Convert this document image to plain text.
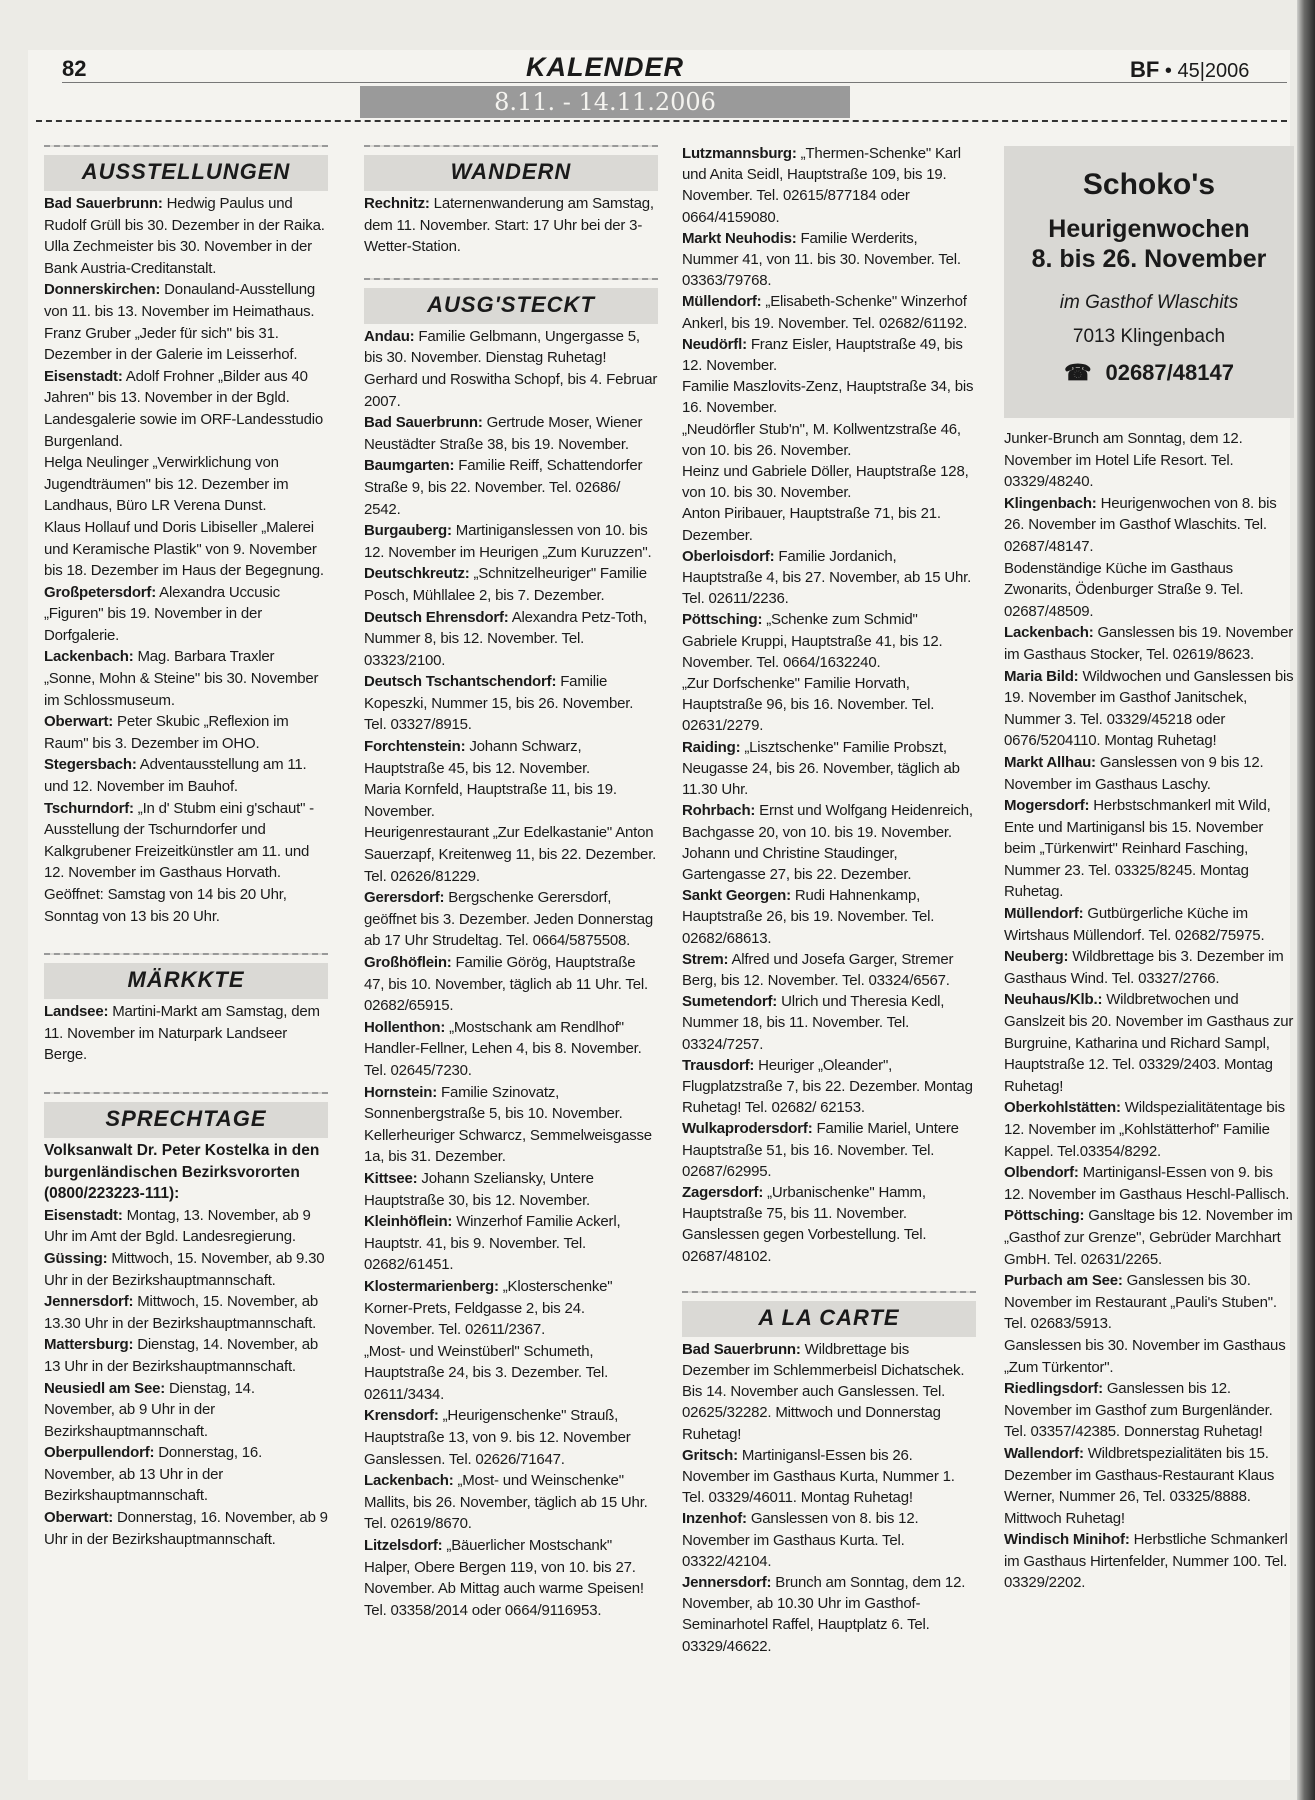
82	KALENDER
8.11. - 14.11.2006
BF • 45|2006
AUSSTELLUNGEN

Bad Sauerbrunn: Hedwig Paulus und Rudolf Grüll bis 30. Dezember in der Raika.

Ulla Zechmeister bis 30. November in der Bank Austria-Creditanstalt.

Donnerskirchen: Donauland-Ausstellung von 11. bis 13. November im Heimathaus.

Franz Gruber „Jeder für sich" bis 31. Dezember in der Galerie im Leisserhof.

Eisenstadt: Adolf Frohner „Bilder aus 40 Jahren" bis 13. November in der Bgld. Landesgalerie sowie im ORF-Landesstudio Burgenland.

Helga Neulinger „Verwirklichung von Jugendträumen" bis 12. Dezember im Landhaus, Büro LR Verena Dunst.

Klaus Hollauf und Doris Libiseller „Malerei und Keramische Plastik" von 9. November bis 18. Dezember im Haus der Begegnung.

Großpetersdorf: Alexandra Uccusic „Figuren" bis 19. November in der Dorfgalerie.

Lackenbach: Mag. Barbara Traxler „Sonne, Mohn & Steine" bis 30. November im Schlossmuseum.

Oberwart: Peter Skubic „Reflexion im Raum" bis 3. Dezember im OHO.

Stegersbach: Adventausstellung am 11. und 12. November im Bauhof.

Tschurndorf: „In d' Stubm eini g'schaut" - Ausstellung der Tschurndorfer und Kalkgrubener Freizeitkünstler am 11. und 12. November im Gasthaus Horvath. Geöffnet: Samstag von 14 bis 20 Uhr, Sonntag von 13 bis 20 Uhr.

MÄRKKTE

Landsee: Martini-Markt am Samstag, dem 11. November im Naturpark Landseer Berge.

SPRECHTAGE

Volksanwalt Dr. Peter Kostelka in den burgenländischen Bezirksvororten (0800/223223-111):

Eisenstadt: Montag, 13. November, ab 9 Uhr im Amt der Bgld. Landesregierung.

Güssing: Mittwoch, 15. November, ab 9.30 Uhr in der Bezirkshauptmannschaft.

Jennersdorf: Mittwoch, 15. November, ab 13.30 Uhr in der Bezirkshauptmannschaft.

Mattersburg: Dienstag, 14. November, ab 13 Uhr in der Bezirkshauptmannschaft.

Neusiedl am See: Dienstag, 14. November, ab 9 Uhr in der Bezirkshauptmannschaft.

Oberpullendorf: Donnerstag, 16. November, ab 13 Uhr in der Bezirkshauptmannschaft.

Oberwart: Donnerstag, 16. November, ab 9 Uhr in der Bezirkshauptmannschaft.

WANDERN

Rechnitz: Laternenwanderung am Samstag, dem 11. November. Start: 17 Uhr bei der 3-Wetter-Station.

AUSG'STECKT

Andau: Familie Gelbmann, Ungergasse 5, bis 30. November. Dienstag Ruhetag!

Gerhard und Roswitha Schopf, bis 4. Februar 2007.

Bad Sauerbrunn: Gertrude Moser, Wiener Neustädter Straße 38, bis 19. November.

Baumgarten: Familie Reiff, Schattendorfer Straße 9, bis 22. November. Tel. 02686/ 2542.

Burgauberg: Martiniganslessen von 10. bis 12. November im Heurigen „Zum Kuruzzen".

Deutschkreutz: „Schnitzelheuriger" Familie Posch, Mühllalee 2, bis 7. Dezember.

Deutsch Ehrensdorf: Alexandra Petz-Toth, Nummer 8, bis 12. November. Tel. 03323/2100.

Deutsch Tschantschendorf: Familie Kopeszki, Nummer 15, bis 26. November. Tel. 03327/8915.

Forchtenstein: Johann Schwarz, Hauptstraße 45, bis 12. November.

Maria Kornfeld, Hauptstraße 11, bis 19. November.

Heurigenrestaurant „Zur Edelkastanie" Anton Sauerzapf, Kreitenweg 11, bis 22. Dezember. Tel. 02626/81229.

Gerersdorf: Bergschenke Gerersdorf, geöffnet bis 3. Dezember. Jeden Donnerstag ab 17 Uhr Strudeltag. Tel. 0664/5875508.

Großhöflein: Familie Görög, Hauptstraße 47, bis 10. November, täglich ab 11 Uhr. Tel. 02682/65915.

Hollenthon: „Mostschank am Rendlhof" Handler-Fellner, Lehen 4, bis 8. November. Tel. 02645/7230.

Hornstein: Familie Szinovatz, Sonnenbergstraße 5, bis 10. November.

Kellerheuriger Schwarcz, Semmelweisgasse 1a, bis 31. Dezember.

Kittsee: Johann Szeliansky, Untere Hauptstraße 30, bis 12. November.

Kleinhöflein: Winzerhof Familie Ackerl, Hauptstr. 41, bis 9. November. Tel. 02682/61451.

Klostermarienberg: „Klosterschenke" Korner-Prets, Feldgasse 2, bis 24. November. Tel. 02611/2367.

„Most- und Weinstüberl" Schumeth, Hauptstraße 24, bis 3. Dezember. Tel. 02611/3434.

Krensdorf: „Heurigenschenke" Strauß, Hauptstraße 13, von 9. bis 12. November Ganslessen. Tel. 02626/71647.

Lackenbach: „Most- und Weinschenke" Mallits, bis 26. November, täglich ab 15 Uhr. Tel. 02619/8670.

Litzelsdorf: „Bäuerlicher Mostschank" Halper, Obere Bergen 119, von 10. bis 27. November. Ab Mittag auch warme Speisen! Tel. 03358/2014 oder 0664/9116953.

Lutzmannsburg: „Thermen-Schenke" Karl und Anita Seidl, Hauptstraße 109, bis 19. November. Tel. 02615/877184 oder 0664/4159080.

Markt Neuhodis: Familie Werderits, Nummer 41, von 11. bis 30. November. Tel. 03363/79768.

Müllendorf: „Elisabeth-Schenke" Winzerhof Ankerl, bis 19. November. Tel. 02682/61192.

Neudörfl: Franz Eisler, Hauptstraße 49, bis 12. November.

Familie Maszlovits-Zenz, Hauptstraße 34, bis 16. November.

„Neudörfler Stub'n", M. Kollwentzstraße 46, von 10. bis 26. November.

Heinz und Gabriele Döller, Hauptstraße 128, von 10. bis 30. November.

Anton Piribauer, Hauptstraße 71, bis 21. Dezember.

Oberloisdorf: Familie Jordanich, Hauptstraße 4, bis 27. November, ab 15 Uhr. Tel. 02611/2236.

Pöttsching: „Schenke zum Schmid" Gabriele Kruppi, Hauptstraße 41, bis 12. November. Tel. 0664/1632240.

„Zur Dorfschenke" Familie Horvath, Hauptstraße 96, bis 16. November. Tel. 02631/2279.

Raiding: „Lisztschenke" Familie Probszt, Neugasse 24, bis 26. November, täglich ab 11.30 Uhr.

Rohrbach: Ernst und Wolfgang Heidenreich, Bachgasse 20, von 10. bis 19. November.

Johann und Christine Staudinger, Gartengasse 27, bis 22. Dezember.

Sankt Georgen: Rudi Hahnenkamp, Hauptstraße 26, bis 19. November. Tel. 02682/68613.

Strem: Alfred und Josefa Garger, Stremer Berg, bis 12. November. Tel. 03324/6567.

Sumetendorf: Ulrich und Theresia Kedl, Nummer 18, bis 11. November. Tel. 03324/7257.

Trausdorf: Heuriger „Oleander", Flugplatzstraße 7, bis 22. Dezember. Montag Ruhetag! Tel. 02682/ 62153.

Wulkaprodersdorf: Familie Mariel, Untere Hauptstraße 51, bis 16. November. Tel. 02687/62995.

Zagersdorf: „Urbanischenke" Hamm, Hauptstraße 75, bis 11. November. Ganslessen gegen Vorbestellung. Tel. 02687/48102.

A LA CARTE

Bad Sauerbrunn: Wildbrettage bis Dezember im Schlemmerbeisl Dichatschek. Bis 14. November auch Ganslessen. Tel. 02625/32282. Mittwoch und Donnerstag Ruhetag!

Gritsch: Martinigansl-Essen bis 26. November im Gasthaus Kurta, Nummer 1. Tel. 03329/46011. Montag Ruhetag!

Inzenhof: Ganslessen von 8. bis 12. November im Gasthaus Kurta. Tel. 03322/42104.

Jennersdorf: Brunch am Sonntag, dem 12. November, ab 10.30 Uhr im Gasthof-Seminarhotel Raffel, Hauptplatz 6. Tel. 03329/46622.

Schoko's
Heurigenwochen
8. bis 26. November
im Gasthof Wlaschits
7013 Klingenbach
☎ 02687/48147

Junker-Brunch am Sonntag, dem 12. November im Hotel Life Resort. Tel. 03329/48240.

Klingenbach: Heurigenwochen von 8. bis 26. November im Gasthof Wlaschits. Tel. 02687/48147.

Bodenständige Küche im Gasthaus Zwonarits, Ödenburger Straße 9. Tel. 02687/48509.

Lackenbach: Ganslessen bis 19. November im Gasthaus Stocker, Tel. 02619/8623.

Maria Bild: Wildwochen und Ganslessen bis 19. November im Gasthof Janitschek, Nummer 3. Tel. 03329/45218 oder 0676/5204110. Montag Ruhetag!

Markt Allhau: Ganslessen von 9 bis 12. November im Gasthaus Laschy.

Mogersdorf: Herbstschmankerl mit Wild, Ente und Martinigansl bis 15. November beim „Türkenwirt" Reinhard Fasching, Nummer 23. Tel. 03325/8245. Montag Ruhetag.

Müllendorf: Gutbürgerliche Küche im Wirtshaus Müllendorf. Tel. 02682/75975.

Neuberg: Wildbrettage bis 3. Dezember im Gasthaus Wind. Tel. 03327/2766.

Neuhaus/Klb.: Wildbretwochen und Ganslzeit bis 20. November im Gasthaus zur Burgruine, Katharina und Richard Sampl, Hauptstraße 12. Tel. 03329/2403. Montag Ruhetag!

Oberkohlstätten: Wildspezialitätentage bis 12. November im „Kohlstätterhof" Familie Kappel. Tel.03354/8292.

Olbendorf: Martinigansl-Essen von 9. bis 12. November im Gasthaus Heschl-Pallisch.

Pöttsching: Gansltage bis 12. November im „Gasthof zur Grenze", Gebrüder Marchhart GmbH. Tel. 02631/2265.

Purbach am See: Ganslessen bis 30. November im Restaurant „Pauli's Stuben". Tel. 02683/5913.

Ganslessen bis 30. November im Gasthaus „Zum Türkentor".

Riedlingsdorf: Ganslessen bis 12. November im Gasthof zum Burgenländer. Tel. 03357/42385. Donnerstag Ruhetag!

Wallendorf: Wildbretspezialitäten bis 15. Dezember im Gasthaus-Restaurant Klaus Werner, Nummer 26, Tel. 03325/8888. Mittwoch Ruhetag!

Windisch Minihof: Herbstliche Schmankerl im Gasthaus Hirtenfelder, Nummer 100. Tel. 03329/2202.
